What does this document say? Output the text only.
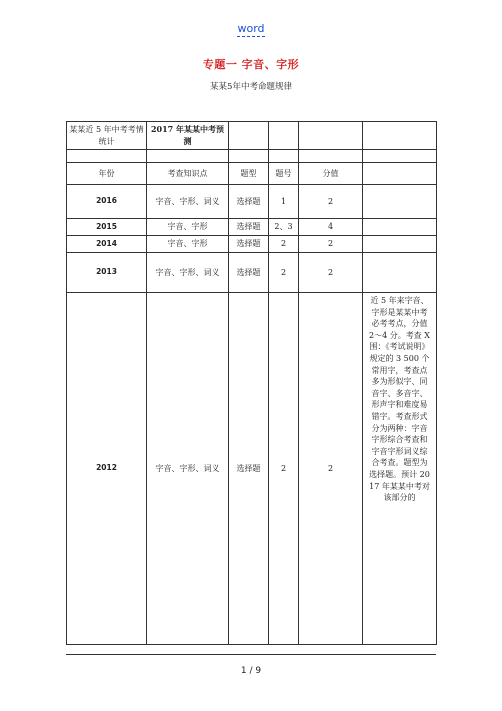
word
专题一 字音、字形
某某5年中考命题规律
某某近 5 年中考考情统计	2017 年某某中考预测				

年份	考查知识点	题型	题号	分值	
2016	字音、字形、词义	选择题	1	2	
2015	字音、字形	选择题	2、3	4	
2014	字音、字形	选择题	2	2	
2013	字音、字形、词义	选择题	2	2	
2012	字音、字形、词义	选择题	2	2	近 5 年来字音、字形是某某中考必考考点，分值 2～4 分。考查 X 围：《考试说明》规定的 3 500 个常用字，考查点多为形似字、同音字、多音字、形声字和难度易错字。考查形式分为两种：字音字形综合考查和字音字形词义综合考查。题型为选择题。预计 2017 年某某中考对该部分的
1 / 9
